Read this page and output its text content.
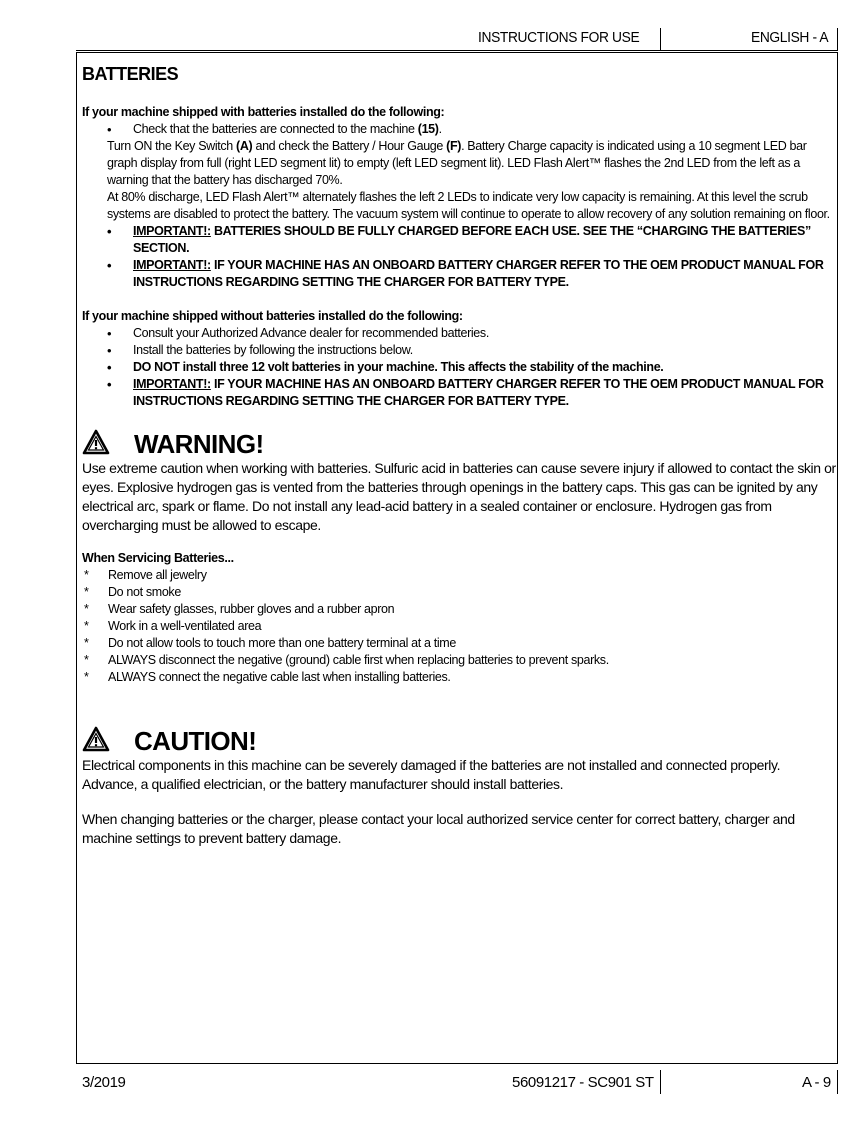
INSTRUCTIONS FOR USE	ENGLISH - A
BATTERIES
If your machine shipped with batteries installed do the following:
• Check that the batteries are connected to the machine (15).
Turn ON the Key Switch (A) and check the Battery / Hour Gauge (F). Battery Charge capacity is indicated using a 10 segment LED bar graph display from full (right LED segment lit) to empty (left LED segment lit). LED Flash Alert™ flashes the 2nd LED from the left as a warning that the battery has discharged 70%.
At 80% discharge, LED Flash Alert™ alternately flashes the left 2 LEDs to indicate very low capacity is remaining. At this level the scrub systems are disabled to protect the battery. The vacuum system will continue to operate to allow recovery of any solution remaining on floor.
• IMPORTANT!: BATTERIES SHOULD BE FULLY CHARGED BEFORE EACH USE. SEE THE “CHARGING THE BATTERIES” SECTION.
• IMPORTANT!: IF YOUR MACHINE HAS AN ONBOARD BATTERY CHARGER REFER TO THE OEM PRODUCT MANUAL FOR INSTRUCTIONS REGARDING SETTING THE CHARGER FOR BATTERY TYPE.
If your machine shipped without batteries installed do the following:
• Consult your Authorized Advance dealer for recommended batteries.
• Install the batteries by following the instructions below.
• DO NOT install three 12 volt batteries in your machine. This affects the stability of the machine.
• IMPORTANT!: IF YOUR MACHINE HAS AN ONBOARD BATTERY CHARGER REFER TO THE OEM PRODUCT MANUAL FOR INSTRUCTIONS REGARDING SETTING THE CHARGER FOR BATTERY TYPE.
WARNING!
Use extreme caution when working with batteries. Sulfuric acid in batteries can cause severe injury if allowed to contact the skin or eyes. Explosive hydrogen gas is vented from the batteries through openings in the battery caps. This gas can be ignited by any electrical arc, spark or flame. Do not install any lead-acid battery in a sealed container or enclosure. Hydrogen gas from overcharging must be allowed to escape.
When Servicing Batteries...
* Remove all jewelry
* Do not smoke
* Wear safety glasses, rubber gloves and a rubber apron
* Work in a well-ventilated area
* Do not allow tools to touch more than one battery terminal at a time
* ALWAYS disconnect the negative (ground) cable first when replacing batteries to prevent sparks.
* ALWAYS connect the negative cable last when installing batteries.
CAUTION!
Electrical components in this machine can be severely damaged if the batteries are not installed and connected properly. Advance, a qualified electrician, or the battery manufacturer should install batteries.
When changing batteries or the charger, please contact your local authorized service center for correct battery, charger and machine settings to prevent battery damage.
3/2019	56091217 - SC901 ST	A - 9
